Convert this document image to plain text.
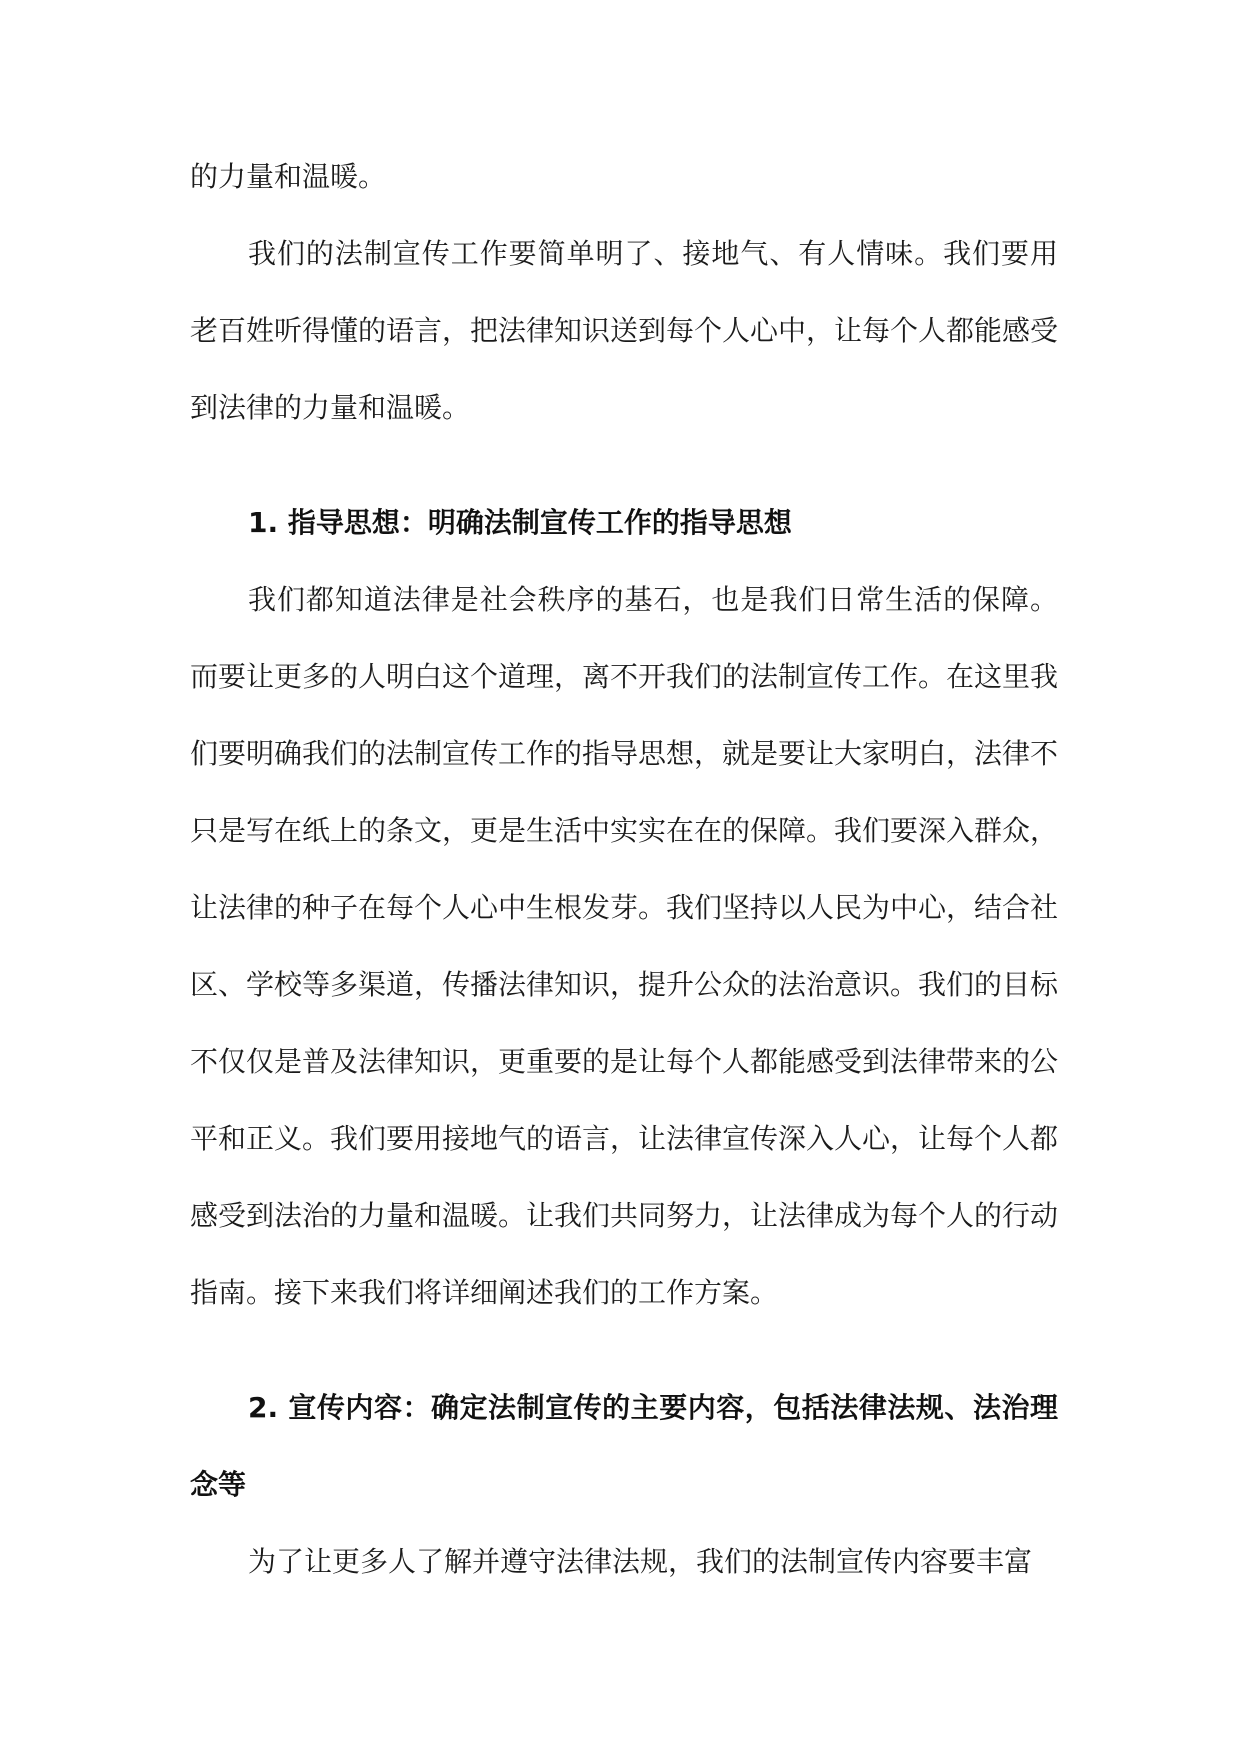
的力量和温暖。

我们的法制宣传工作要简单明了、接地气、有人情味。我们要用老百姓听得懂的语言，把法律知识送到每个人心中，让每个人都能感受到法律的力量和温暖。

1. 指导思想：明确法制宣传工作的指导思想

我们都知道法律是社会秩序的基石，也是我们日常生活的保障。而要让更多的人明白这个道理，离不开我们的法制宣传工作。在这里我们要明确我们的法制宣传工作的指导思想，就是要让大家明白，法律不只是写在纸上的条文，更是生活中实实在在的保障。我们要深入群众，让法律的种子在每个人心中生根发芽。我们坚持以人民为中心，结合社区、学校等多渠道，传播法律知识，提升公众的法治意识。我们的目标不仅仅是普及法律知识，更重要的是让每个人都能感受到法律带来的公平和正义。我们要用接地气的语言，让法律宣传深入人心，让每个人都感受到法治的力量和温暖。让我们共同努力，让法律成为每个人的行动指南。接下来我们将详细阐述我们的工作方案。

2. 宣传内容：确定法制宣传的主要内容，包括法律法规、法治理念等

为了让更多人了解并遵守法律法规，我们的法制宣传内容要丰富
